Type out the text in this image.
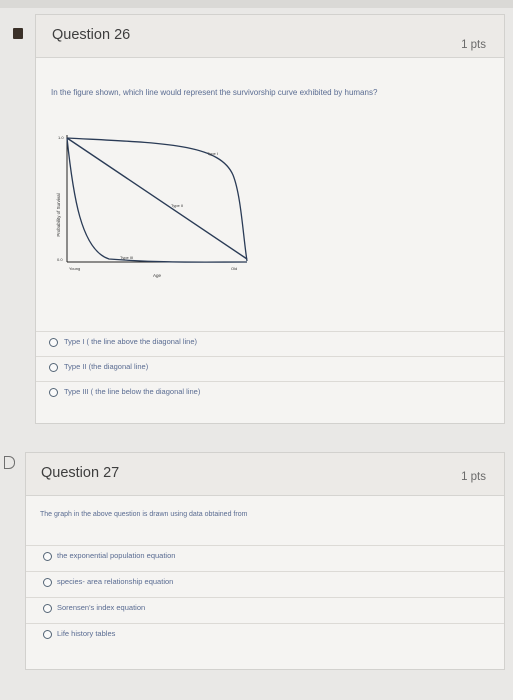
Question 26
1 pts
In the figure shown, which line would represent the survivorship curve exhibited by humans?
Probability of Survival
1.0
0.0
Type I
Type II
Type III
Young
Age
Old
Type I ( the line above the diagonal line)
Type II (the diagonal line)
Type III ( the line below the diagonal line)
Question 27	1 pts
The graph in the above question is drawn using data obtained from
the exponential population equation
species- area relationship equation
Sorensen's index equation
Life history tables
